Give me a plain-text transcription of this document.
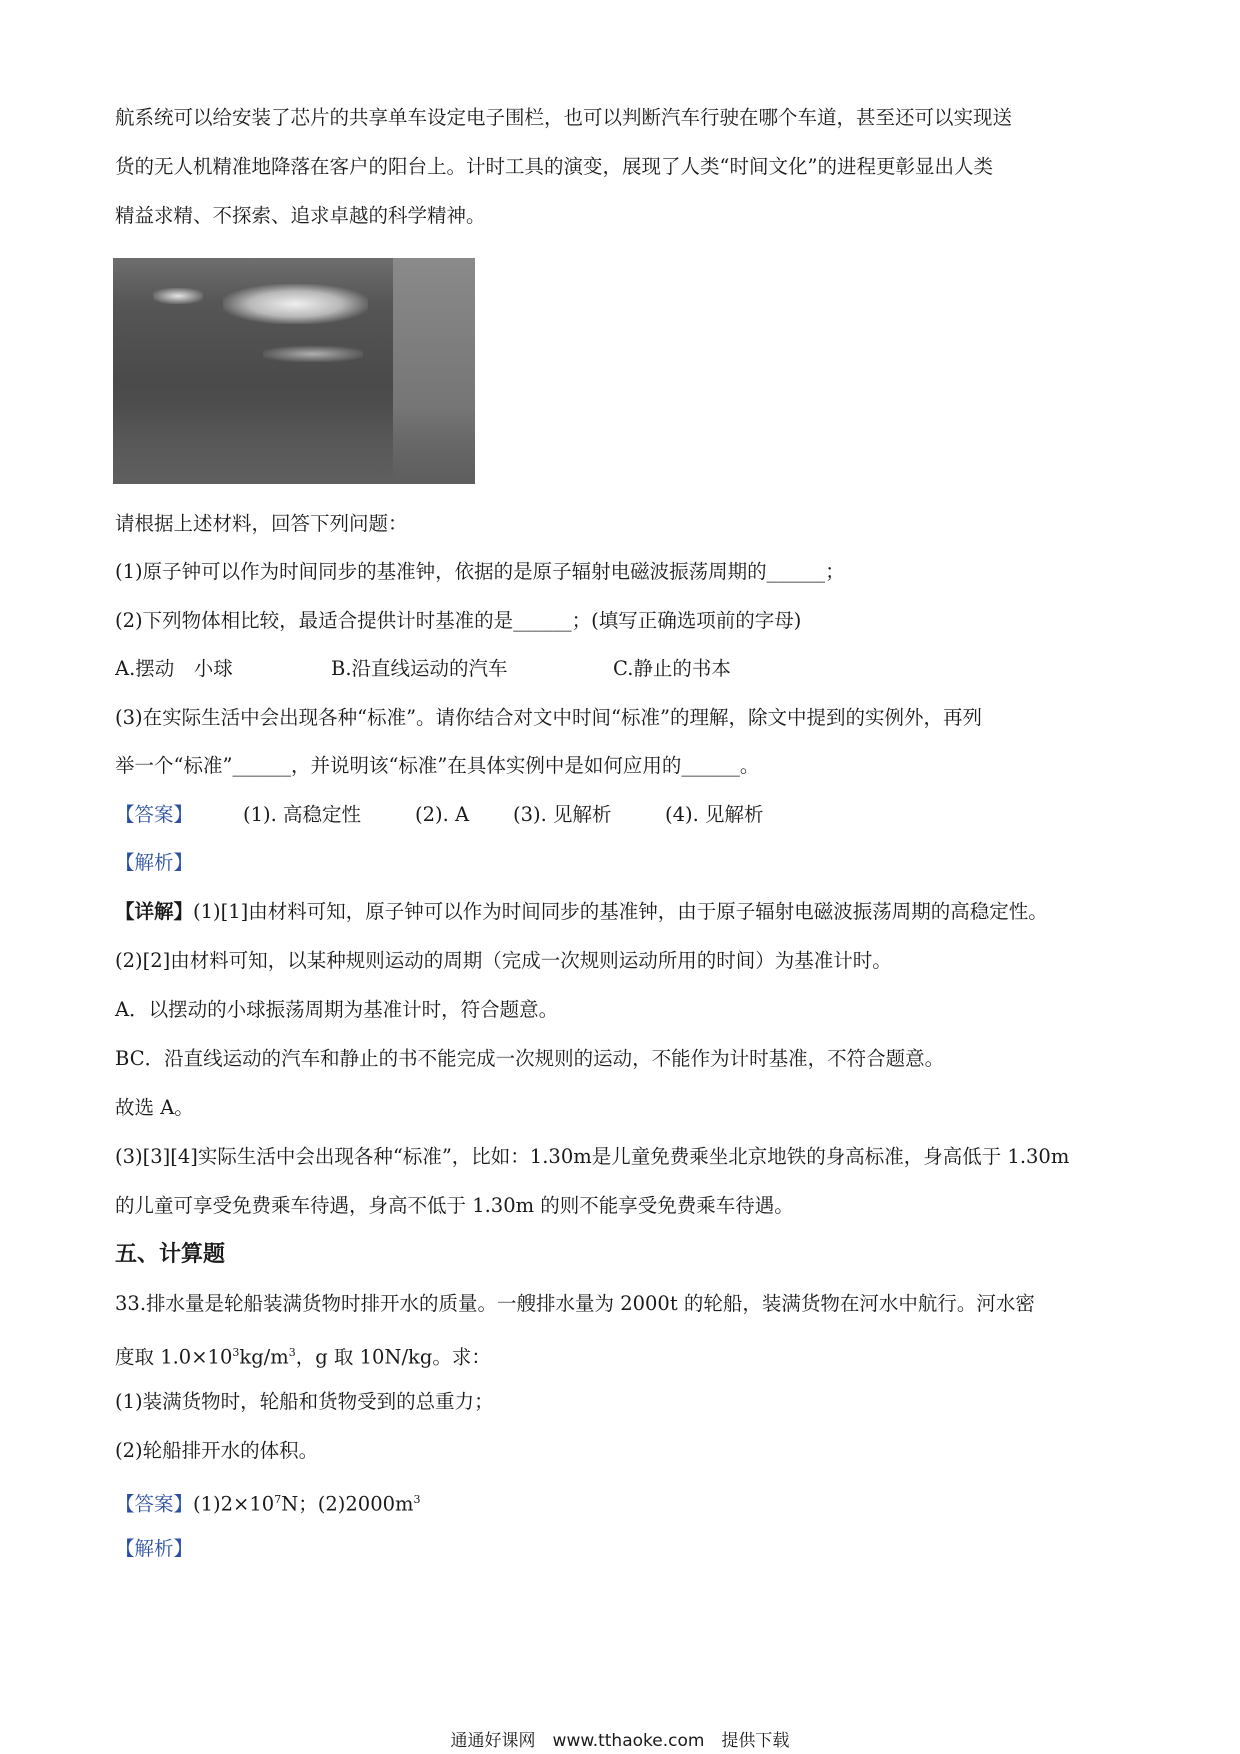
航系统可以给安装了芯片的共享单车设定电子围栏，也可以判断汽车行驶在哪个车道，甚至还可以实现送
货的无人机精准地降落在客户的阳台上。计时工具的演变，展现了人类“时间文化”的进程更彰显出人类
精益求精、不探索、追求卓越的科学精神。
请根据上述材料，回答下列问题：
(1)原子钟可以作为时间同步的基准钟，依据的是原子辐射电磁波振荡周期的______；
(2)下列物体相比较，最适合提供计时基准的是______；(填写正确选项前的字母)
A.摆动　小球	B.沿直线运动的汽车	C.静止的书本
(3)在实际生活中会出现各种“标准”。请你结合对文中时间“标准”的理解，除文中提到的实例外，再列
举一个“标准”______，并说明该“标准”在具体实例中是如何应用的______。
【答案】	(1). 高稳定性	(2). A (3). 见解析	(4). 见解析
【解析】
【详解】(1)[1]由材料可知，原子钟可以作为时间同步的基准钟，由于原子辐射电磁波振荡周期的高稳定性。
(2)[2]由材料可知，以某种规则运动的周期（完成一次规则运动所用的时间）为基准计时。
A．以摆动的小球振荡周期为基准计时，符合题意。
BC．沿直线运动的汽车和静止的书不能完成一次规则的运动，不能作为计时基准，不符合题意。
故选 A。
(3)[3][4]实际生活中会出现各种“标准”，比如：1.30m是儿童免费乘坐北京地铁的身高标准，身高低于 1.30m
的儿童可享受免费乘车待遇，身高不低于 1.30m 的则不能享受免费乘车待遇。
五、计算题
33.排水量是轮船装满货物时排开水的质量。一艘排水量为 2000t 的轮船，装满货物在河水中航行。河水密
度取 $1.0\times 10^3kg/m^3$，g 取 10N/kg。求：
(1)装满货物时，轮船和货物受到的总重力；
(2)轮船排开水的体积。
【答案】$(1)2\times 10^7N$；$(2)2000m^3$
【解析】
通通好课网　www.tthaoke.com　提供下载
